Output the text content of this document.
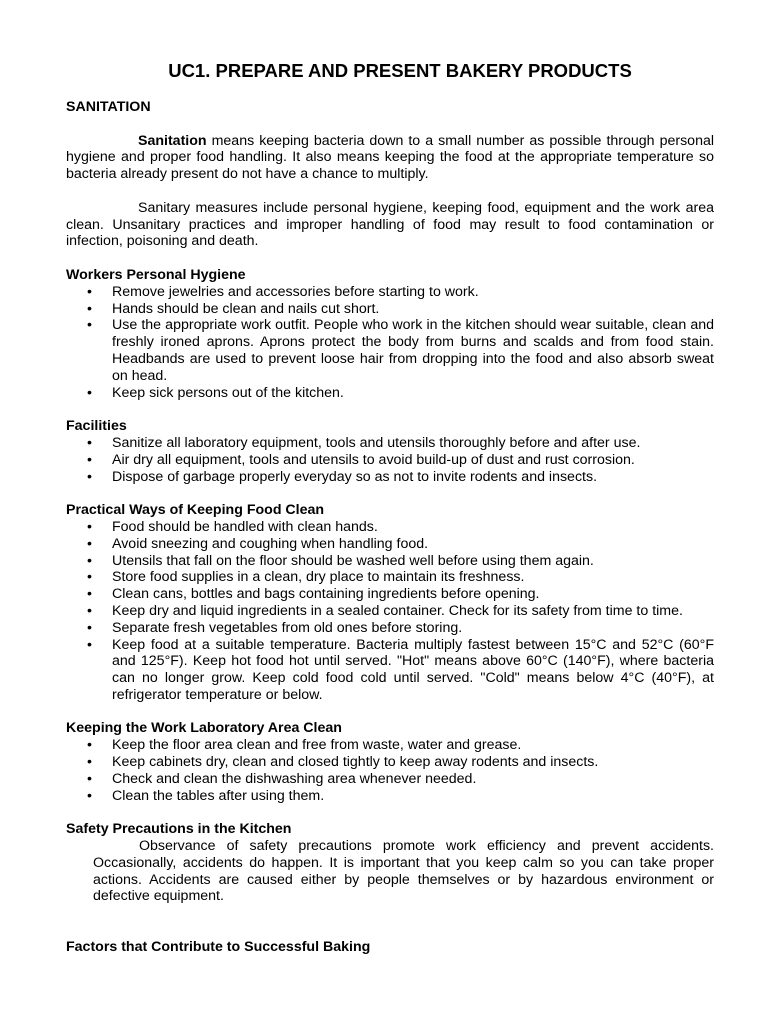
UC1. PREPARE AND PRESENT BAKERY PRODUCTS
SANITATION

Sanitation means keeping bacteria down to a small number as possible through personal hygiene and proper food handling. It also means keeping the food at the appropriate temperature so bacteria already present do not have a chance to multiply.

Sanitary measures include personal hygiene, keeping food, equipment and the work area clean. Unsanitary practices and improper handling of food may result to food contamination or infection, poisoning and death.

Workers Personal Hygiene
• Remove jewelries and accessories before starting to work.
• Hands should be clean and nails cut short.
• Use the appropriate work outfit. People who work in the kitchen should wear suitable, clean and freshly ironed aprons. Aprons protect the body from burns and scalds and from food stain. Headbands are used to prevent loose hair from dropping into the food and also absorb sweat on head.
• Keep sick persons out of the kitchen.
Facilities
• Sanitize all laboratory equipment, tools and utensils thoroughly before and after use.
• Air dry all equipment, tools and utensils to avoid build-up of dust and rust corrosion.
• Dispose of garbage properly everyday so as not to invite rodents and insects.
Practical Ways of Keeping Food Clean
• Food should be handled with clean hands.
• Avoid sneezing and coughing when handling food.
• Utensils that fall on the floor should be washed well before using them again.
• Store food supplies in a clean, dry place to maintain its freshness.
• Clean cans, bottles and bags containing ingredients before opening.
• Keep dry and liquid ingredients in a sealed container. Check for its safety from time to time.
• Separate fresh vegetables from old ones before storing.
• Keep food at a suitable temperature. Bacteria multiply fastest between 15°C and 52°C (60°F and 125°F). Keep hot food hot until served. "Hot" means above 60°C (140°F), where bacteria can no longer grow. Keep cold food cold until served. "Cold" means below 4°C (40°F), at refrigerator temperature or below.
Keeping the Work Laboratory Area Clean
• Keep the floor area clean and free from waste, water and grease.
• Keep cabinets dry, clean and closed tightly to keep away rodents and insects.
• Check and clean the dishwashing area whenever needed.
• Clean the tables after using them.
Safety Precautions in the Kitchen

Observance of safety precautions promote work efficiency and prevent accidents. Occasionally, accidents do happen. It is important that you keep calm so you can take proper actions. Accidents are caused either by people themselves or by hazardous environment or defective equipment.

Factors that Contribute to Successful Baking
